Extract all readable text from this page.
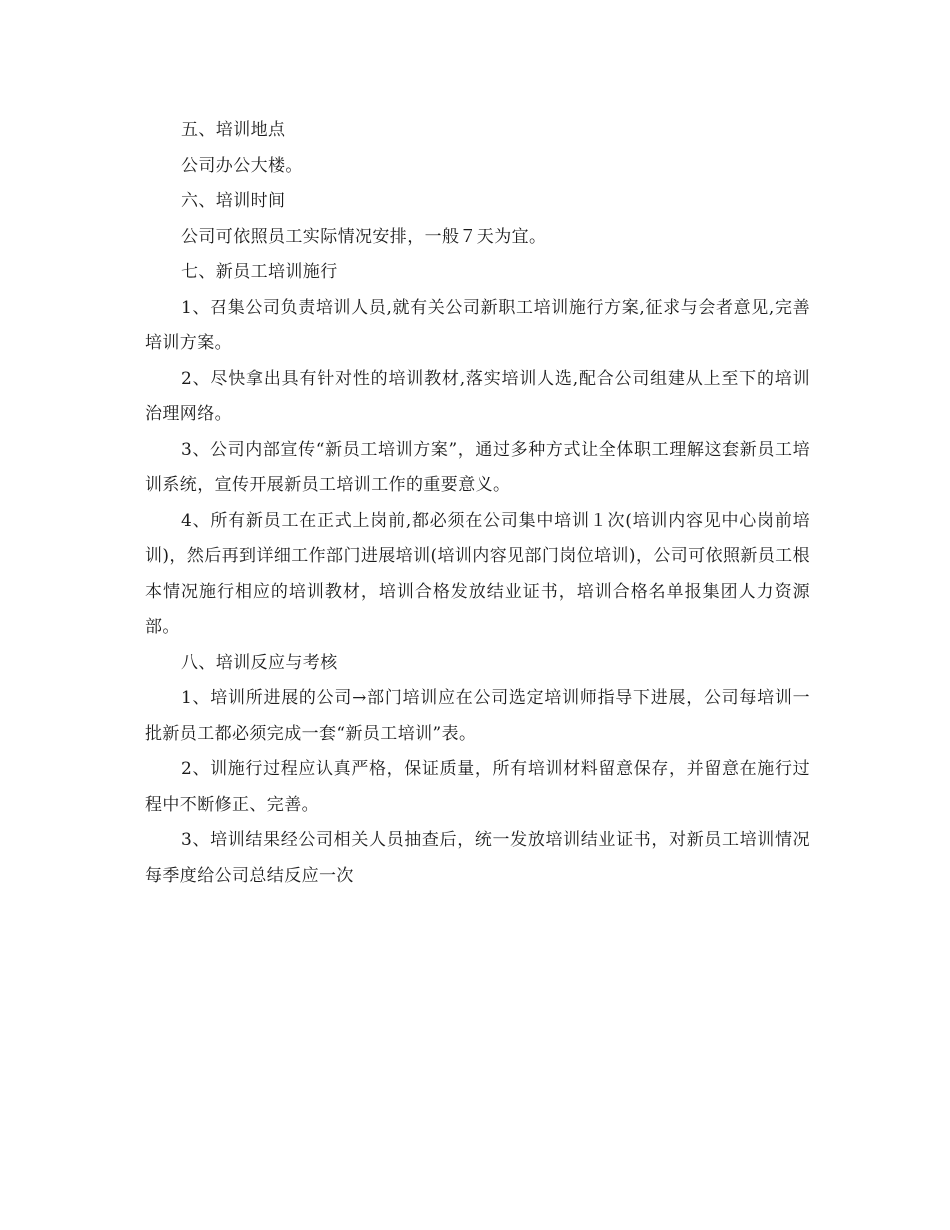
五、培训地点

公司办公大楼。

六、培训时间

公司可依照员工实际情况安排，一般７天为宜。

七、新员工培训施行

1、召集公司负责培训人员,就有关公司新职工培训施行方案,征求与会者意见,完善培训方案。

2、尽快拿出具有针对性的培训教材,落实培训人选,配合公司组建从上至下的培训治理网络。

3、公司内部宣传“新员工培训方案”，通过多种方式让全体职工理解这套新员工培训系统，宣传开展新员工培训工作的重要意义。

4、所有新员工在正式上岗前,都必须在公司集中培训１次(培训内容见中心岗前培训)，然后再到详细工作部门进展培训(培训内容见部门岗位培训)，公司可依照新员工根本情况施行相应的培训教材，培训合格发放结业证书，培训合格名单报集团人力资源部。

八、培训反应与考核

1、培训所进展的公司→部门培训应在公司选定培训师指导下进展，公司每培训一批新员工都必须完成一套“新员工培训”表。

2、训施行过程应认真严格，保证质量，所有培训材料留意保存，并留意在施行过程中不断修正、完善。

3、培训结果经公司相关人员抽查后，统一发放培训结业证书，对新员工培训情况每季度给公司总结反应一次
